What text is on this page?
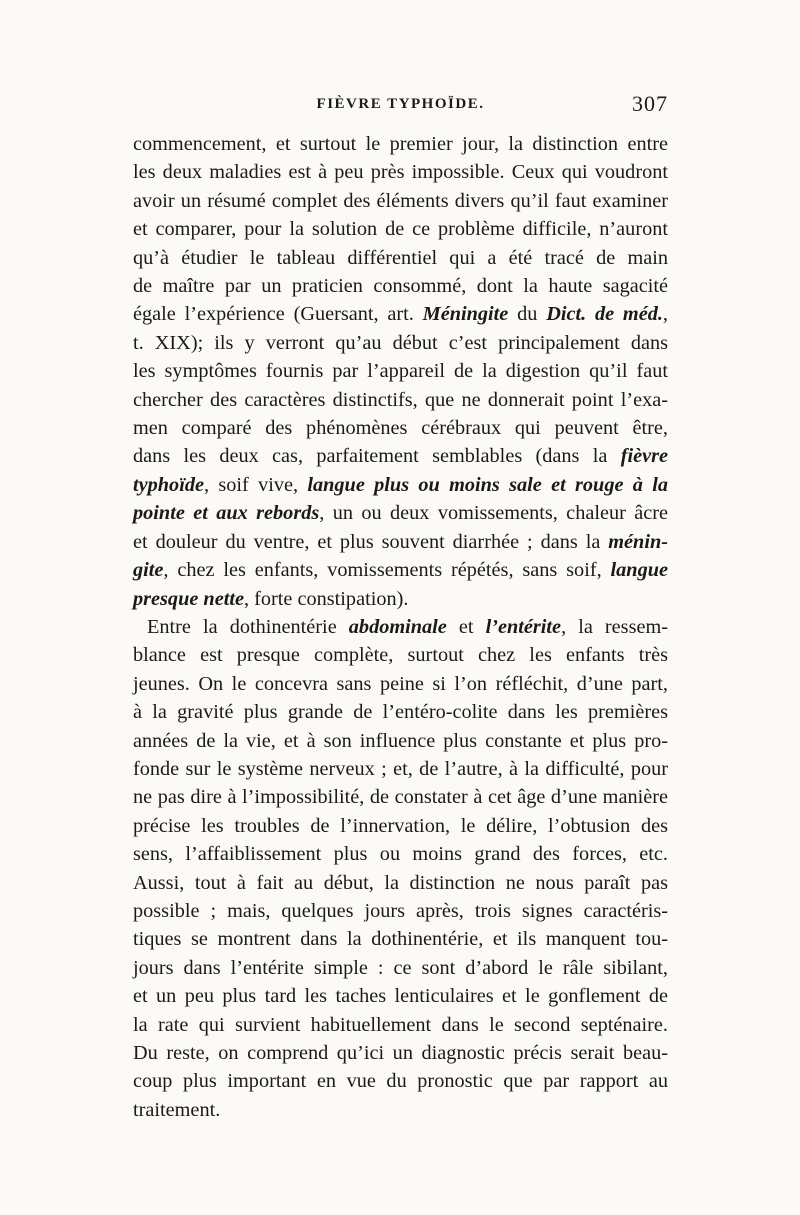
FIÈVRE TYPHOÏDE.	307
commencement, et surtout le premier jour, la distinction entre
les deux maladies est à peu près impossible. Ceux qui voudront
avoir un résumé complet des éléments divers qu’il faut examiner
et comparer, pour la solution de ce problème difficile, n’auront
qu’à étudier le tableau différentiel qui a été tracé de main
de maître par un praticien consommé, dont la haute sagacité
égale l’expérience (Guersant, art. Méningite du Dict. de méd.,
t. XIX); ils y verront qu’au début c’est principalement dans
les symptômes fournis par l’appareil de la digestion qu’il faut
chercher des caractères distinctifs, que ne donnerait point l’exa-
men comparé des phénomènes cérébraux qui peuvent être,
dans les deux cas, parfaitement semblables (dans la fièvre
typhoïde, soif vive, langue plus ou moins sale et rouge à la
pointe et aux rebords, un ou deux vomissements, chaleur âcre
et douleur du ventre, et plus souvent diarrhée ; dans la ménin-
gite, chez les enfants, vomissements répétés, sans soif, langue
presque nette, forte constipation).
Entre la dothinentérie abdominale et l’entérite, la ressem-
blance est presque complète, surtout chez les enfants très
jeunes. On le concevra sans peine si l’on réfléchit, d’une part,
à la gravité plus grande de l’entéro-colite dans les premières
années de la vie, et à son influence plus constante et plus pro-
fonde sur le système nerveux ; et, de l’autre, à la difficulté, pour
ne pas dire à l’impossibilité, de constater à cet âge d’une manière
précise les troubles de l’innervation, le délire, l’obtusion des
sens, l’affaiblissement plus ou moins grand des forces, etc.
Aussi, tout à fait au début, la distinction ne nous paraît pas
possible ; mais, quelques jours après, trois signes caractéris-
tiques se montrent dans la dothinentérie, et ils manquent tou-
jours dans l’entérite simple : ce sont d’abord le râle sibilant,
et un peu plus tard les taches lenticulaires et le gonflement de
la rate qui survient habituellement dans le second septénaire.
Du reste, on comprend qu’ici un diagnostic précis serait beau-
coup plus important en vue du pronostic que par rapport au
traitement.
